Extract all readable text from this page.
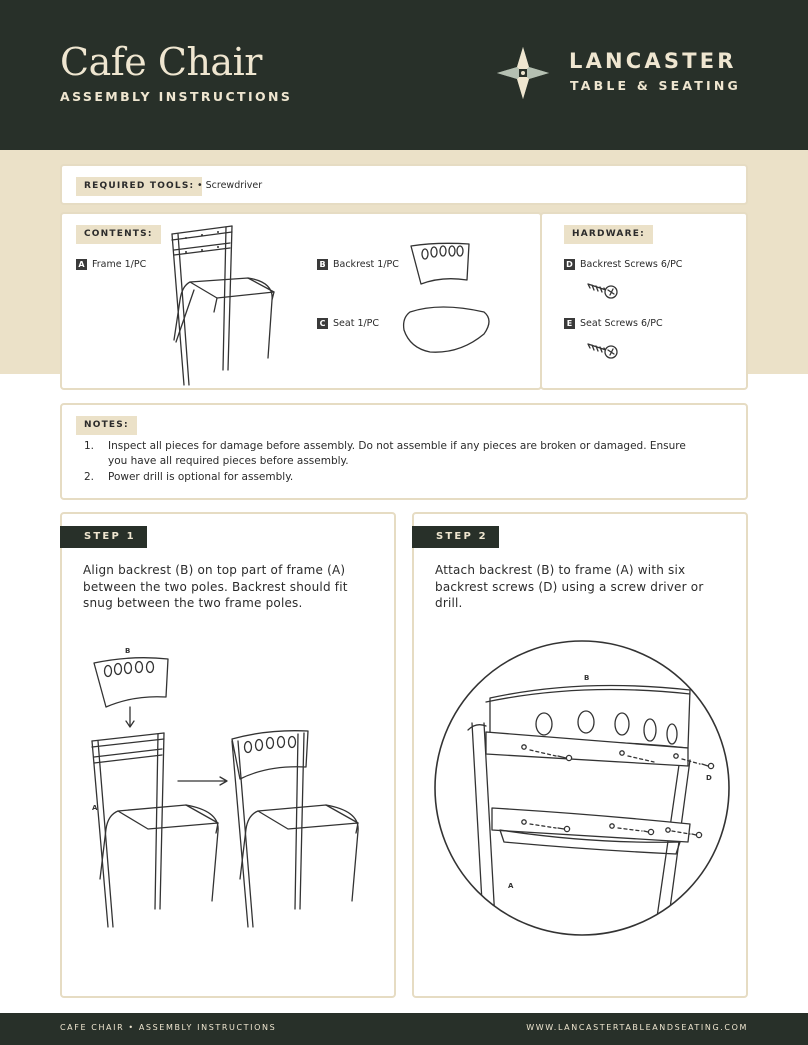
Cafe Chair
ASSEMBLY INSTRUCTIONS
LANCASTER
TABLE & SEATING
REQUIRED TOOLS: • Screwdriver
CONTENTS:
A Frame 1/PC	B Backrest 1/PC
C Seat 1/PC
HARDWARE:
D Backrest Screws 6/PC
E Seat Screws 6/PC
NOTES:
1. Inspect all pieces for damage before assembly. Do not assemble if any pieces are broken or damaged. Ensure you have all required pieces before assembly.
2. Power drill is optional for assembly.
STEP 1
Align backrest (B) on top part of frame (A) between the two poles. Backrest should fit snug between the two frame poles.
B
A
STEP 2
Attach backrest (B) to frame (A) with six backrest screws (D) using a screw driver or drill.
B
D
A
CAFE CHAIR • ASSEMBLY INSTRUCTIONS	WWW.LANCASTERTABLEANDSEATING.COM
